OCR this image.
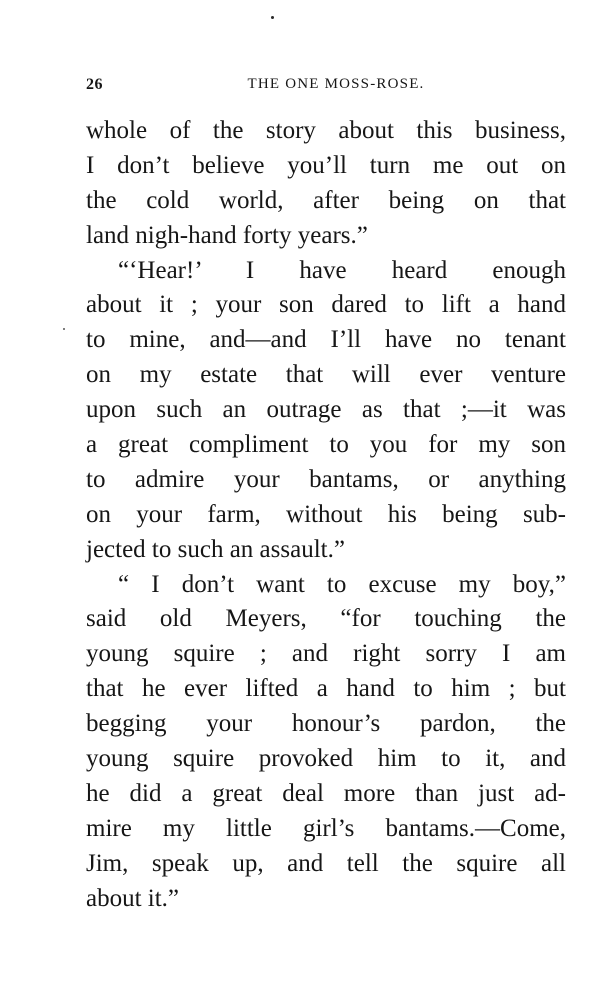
26	THE ONE MOSS-ROSE.
whole of the story about this business,
I don’t believe you’ll turn me out on
the cold world, after being on that
land nigh-hand forty years.”
“‘Hear!’ I have heard enough
about it ; your son dared to lift a hand
to mine, and—and I’ll have no tenant
on my estate that will ever venture
upon such an outrage as that ;—it was
a great compliment to you for my son
to admire your bantams, or anything
on your farm, without his being sub-
jected to such an assault.”
“ I don’t want to excuse my boy,”
said old Meyers, “for touching the
young squire ; and right sorry I am
that he ever lifted a hand to him ; but
begging your honour’s pardon, the
young squire provoked him to it, and
he did a great deal more than just ad-
mire my little girl’s bantams.—Come,
Jim, speak up, and tell the squire all
about it.”
